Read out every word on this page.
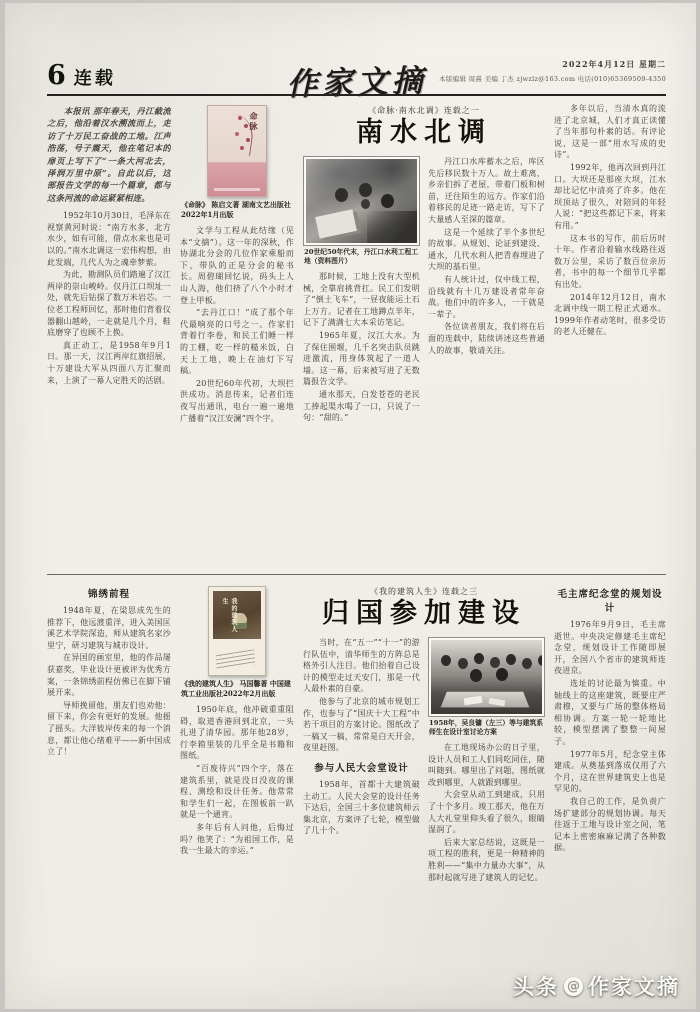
6 连载	作家文摘	2022年4月12日 星期二
本版编辑 周熹 美编 丁杰 zjwzlz@163.com 电话(010)65369509-4350

本报讯 那年春天，丹江截流之后，他沿着汉水溯流而上，走访了十万民工奋战的工地。江声浩荡，号子震天，他在笔记本的扉页上写下了“一条大河北去，泽润万里中原”。自此以后，这部报告文学的每一个篇章，都与这条河流的命运紧紧相连。

1952年10月30日，毛泽东在视察黄河时说：“南方水多，北方水少，如有可能，借点水来也是可以的。”南水北调这一宏伟构想，由此发端，几代人为之魂牵梦萦。

为此，勘测队员们踏遍了汉江两岸的崇山峻岭。仅丹江口坝址一处，就先后钻探了数万米岩芯。一位老工程师回忆，那时他们背着仪器翻山越岭，一走就是几个月，鞋底磨穿了也顾不上换。

真正动工，是1958年9月1日。那一天，汉江两岸红旗招展，十万建设大军从四面八方汇聚而来，上演了一幕人定胜天的活剧。

命脉
《命脉》 陈启文著 湖南文艺出版社2022年1月出版

文学与工程从此结缘（见本“文摘”）。这一年的深秋，作协湖北分会的几位作家乘船而下，带队的正是分会的秘书长。周碧瑚回忆说，码头上人山人海，他们挤了八个小时才登上甲板。

“去丹江口！”成了那个年代最响亮的口号之一。作家们背着行李卷，和民工们睡一样的工棚，吃一样的糙米饭，白天上工地，晚上在油灯下写稿。

20世纪60年代初，大坝拦洪成功。消息传来，记者们连夜写出通讯，电台一遍一遍地广播着“汉江安澜”四个字。

《命脉·南水北调》连载之一
南水北调
20世纪50年代末，丹江口水利工程工地（资料图片）

那时候，工地上没有大型机械，全靠肩挑背扛。民工们发明了“倒土飞车”，一昼夜能运土石上万方。记者在工地蹲点半年，记下了满满七大本采访笔记。

1965年夏，汉江大水。为了保住围堰，几千名突击队员跳进激流，用身体筑起了一道人墙。这一幕，后来被写进了无数篇报告文学。

通水那天，白发苍苍的老民工捧起渠水喝了一口，只说了一句：“甜的。”

丹江口水库蓄水之后，库区先后移民数十万人。故土难离，乡亲们拆了老屋，带着门板和树苗，迁往陌生的远方。作家们沿着移民的足迹一路走访，写下了大量感人至深的篇章。

这是一个延续了半个多世纪的故事。从规划、论证到建设、通水，几代水利人把青春埋进了大坝的基石里。

有人统计过，仅中线工程，沿线就有十几万建设者常年奋战。他们中的许多人，一干就是一辈子。

各位读者朋友，我们将在后面的连载中，陆续讲述这些普通人的故事，敬请关注。

多年以后，当清水真的流进了北京城，人们才真正读懂了当年那句朴素的话。有评论说，这是一部“用水写成的史诗”。

1992年，他再次回到丹江口。大坝还是那座大坝，江水却比记忆中清亮了许多。他在坝顶站了很久，对陪同的年轻人说：“把这些都记下来，将来有用。”

这本书的写作，前后历时十年。作者沿着输水线路往返数万公里，采访了数百位亲历者，书中的每一个细节几乎都有出处。

2014年12月12日，南水北调中线一期工程正式通水。1999年作者动笔时，很多受访的老人还健在。

锦绣前程

1948年夏，在梁思成先生的推荐下，他远渡重洋，进入美国匡溪艺术学院深造，师从建筑名家沙里宁，研习建筑与城市设计。

在异国的画室里，他的作品屡获嘉奖，毕业设计更被评为优秀方案，一条锦绣前程仿佛已在脚下铺展开来。

导师挽留他，朋友们也劝他：留下来，你会有更好的发展。他摇了摇头。大洋彼岸传来的每一个消息，都让他心绪难平——新中国成立了！

我的建筑人生
《我的建筑人生》 马国馨著 中国建筑工业出版社2022年2月出版

1950年底，他冲破重重阻碍，取道香港回到北京，一头扎进了清华园。那年他28岁，行李箱里装的几乎全是书籍和图纸。

“百废待兴”四个字，落在建筑系里，就是没日没夜的课程、测绘和设计任务。他常常和学生们一起，在图板前一趴就是一个通宵。

多年后有人问他，后悔过吗？他笑了：“为祖国工作，是我一生最大的幸运。”

《我的建筑人生》连载之三
归国参加建设

当时，在“五一”“十一”的游行队伍中，清华师生的方阵总是格外引人注目。他们抬着自己设计的模型走过天安门，那是一代人最朴素的自豪。

他参与了北京的城市规划工作，也参与了“国庆十大工程”中若干项目的方案讨论。图纸改了一稿又一稿，常常是白天开会，夜里赶图。

参与人民大会堂设计

1958年，首都十大建筑破土动工。人民大会堂的设计任务下达后，全国三十多位建筑师云集北京，方案评了七轮，模型做了几十个。

1958年，吴良镛（左三）等与建筑系师生在设计室讨论方案

在工地现场办公的日子里，设计人员和工人们同吃同住，随叫随到。哪里出了问题，图纸就改到哪里，人就跟到哪里。

大会堂从动工到建成，只用了十个多月。竣工那天，他在万人大礼堂里仰头看了很久，眼睛湿润了。

后来大家总结说，这既是一项工程的胜利，更是一种精神的胜利——“集中力量办大事”，从那时起就写进了建筑人的记忆。

毛主席纪念堂的规划设计

1976年9月9日，毛主席逝世。中央决定修建毛主席纪念堂，规划设计工作随即展开，全国八个省市的建筑师连夜进京。

选址的讨论最为慎重。中轴线上的这座建筑，既要庄严肃穆，又要与广场的整体格局相协调。方案一轮一轮地比较，模型摆满了整整一间屋子。

1977年5月，纪念堂主体建成。从奠基到落成仅用了六个月，这在世界建筑史上也是罕见的。

我自己的工作，是负责广场扩建部分的规划协调。每天往返于工地与设计室之间，笔记本上密密麻麻记满了各种数据。

头条 @ 作家文摘
